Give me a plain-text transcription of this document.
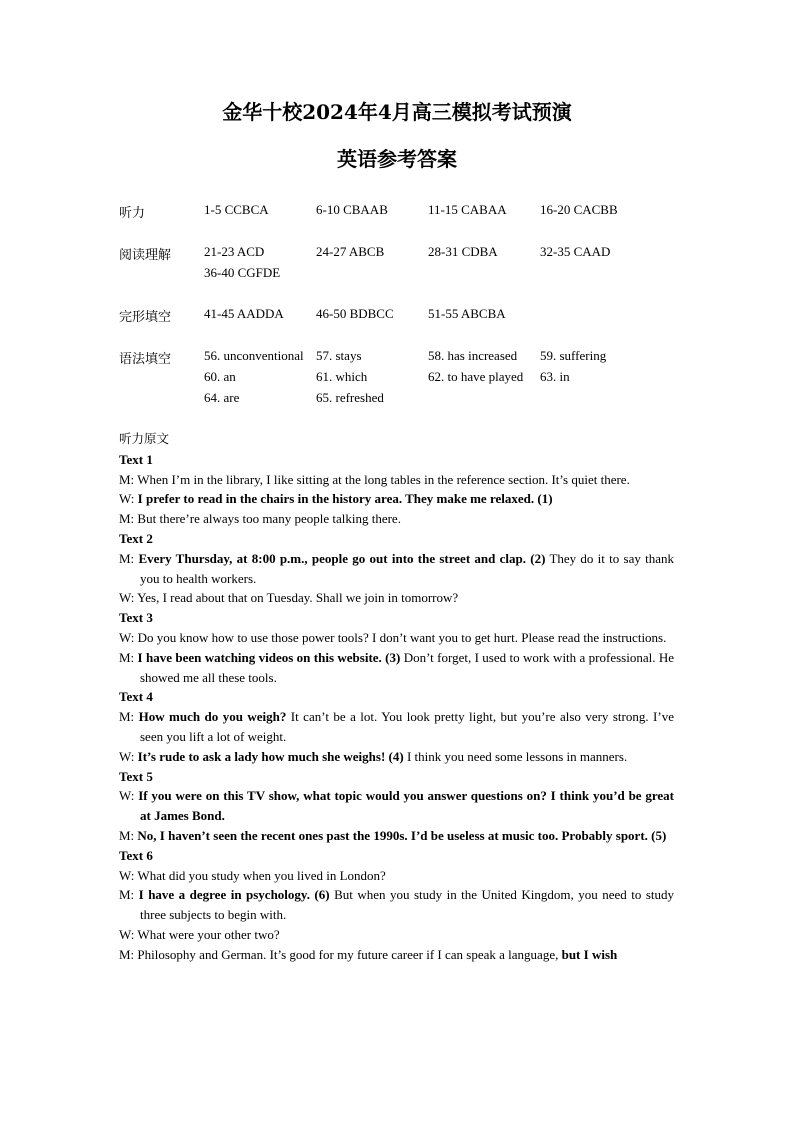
金华十校2024年4月高三模拟考试预演
英语参考答案
听力	1-5 CCBCA	6-10 CBAAB	11-15 CABAA	16-20 CACBB
阅读理解	21-23 ACD	24-27 ABCB	28-31 CDBA	32-35 CAAD
36-40 CGFDE
完形填空	41-45 AADDA 46-50 BDBCC	51-55 ABCBA
语法填空	56. unconventional 57. stays	58. has increased 59. suffering
60. an	61. which	62. to have played 63. in
64. are	65. refreshed
听力原文
Text 1
M: When I’m in the library, I like sitting at the long tables in the reference section. It’s quiet there.
W: I prefer to read in the chairs in the history area. They make me relaxed. (1)
M: But there’re always too many people talking there.
Text 2
M: Every Thursday, at 8:00 p.m., people go out into the street and clap. (2) They do it to say thank you to health workers.
W: Yes, I read about that on Tuesday. Shall we join in tomorrow?
Text 3
W: Do you know how to use those power tools? I don’t want you to get hurt. Please read the instructions.
M: I have been watching videos on this website. (3) Don’t forget, I used to work with a professional. He showed me all these tools.
Text 4
M: How much do you weigh? It can’t be a lot. You look pretty light, but you’re also very strong. I’ve seen you lift a lot of weight.
W: It’s rude to ask a lady how much she weighs! (4) I think you need some lessons in manners.
Text 5
W: If you were on this TV show, what topic would you answer questions on? I think you’d be great at James Bond.
M: No, I haven’t seen the recent ones past the 1990s. I’d be useless at music too. Probably sport. (5)
Text 6
W: What did you study when you lived in London?
M: I have a degree in psychology. (6) But when you study in the United Kingdom, you need to study three subjects to begin with.
W: What were your other two?
M: Philosophy and German. It’s good for my future career if I can speak a language, but I wish
